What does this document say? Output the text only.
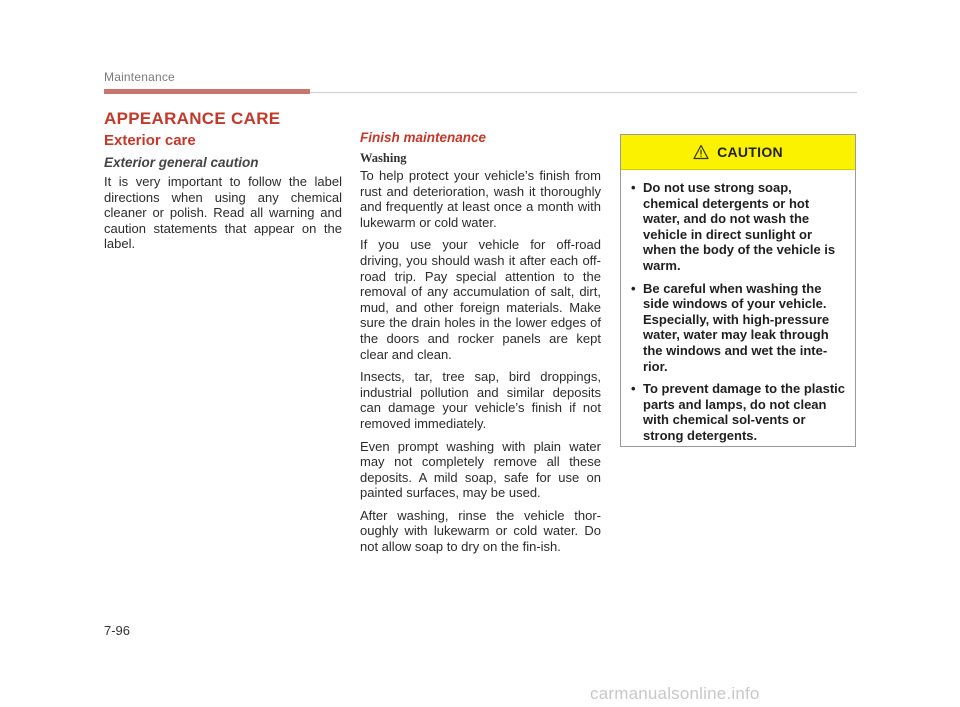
Maintenance
APPEARANCE CARE
Exterior care
Exterior general caution

It is very important to follow the label directions when using any chemical cleaner or polish. Read all warning and caution statements that appear on the label.

Finish maintenance
Washing

To help protect your vehicle’s finish from rust and deterioration, wash it thoroughly and frequently at least once a month with lukewarm or cold water.

If you use your vehicle for off-road driving, you should wash it after each off-road trip. Pay special attention to the removal of any accumulation of salt, dirt, mud, and other foreign materials. Make sure the drain holes in the lower edges of the doors and rocker panels are kept clear and clean.

Insects, tar, tree sap, bird droppings, industrial pollution and similar deposits can damage your vehicle’s finish if not removed immediately.

Even prompt washing with plain water may not completely remove all these deposits. A mild soap, safe for use on painted surfaces, may be used.

After washing, rinse the vehicle thor-oughly with lukewarm or cold water. Do not allow soap to dry on the fin-ish.

CAUTION
• Do not use strong soap, chemical detergents or hot water, and do not wash the vehicle in direct sunlight or when the body of the vehicle is warm.
• Be careful when washing the side windows of your vehicle. Especially, with high-pressure water, water may leak through the windows and wet the inte-rior.
• To prevent damage to the plastic parts and lamps, do not clean with chemical sol-vents or strong detergents.
7-96
carmanualsonline.info
